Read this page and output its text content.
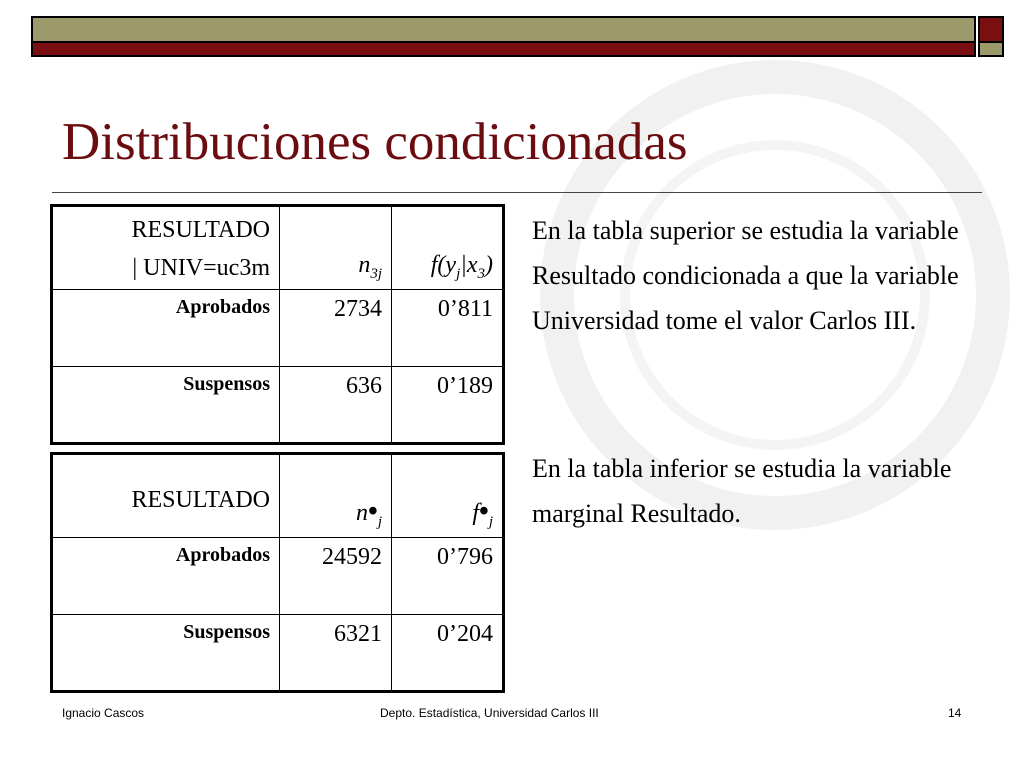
Distribuciones condicionadas
RESULTADO
| UNIV=uc3m	$n_{3j}$	$f(y_j|x_3)$
Aprobados	2734	0’811
Suspensos	636	0’189
RESULTADO	$n•_j$	$f•_j$
Aprobados	24592	0’796
Suspensos	6321	0’204
En la tabla superior se estudia la variable Resultado condicionada a que la variable Universidad tome el valor Carlos III.
En la tabla inferior se estudia la variable marginal Resultado.
Ignacio Cascos	Depto. Estadística, Universidad Carlos III	14
